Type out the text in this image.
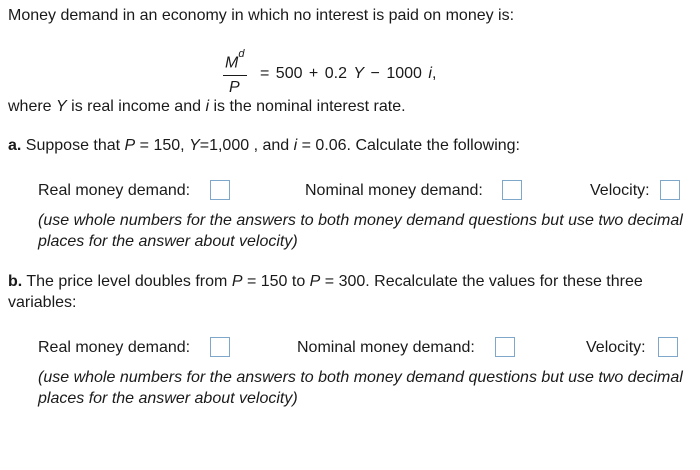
Money demand in an economy in which no interest is paid on money is:
$M^d$
P
= 500 + 0.2 Y − 1000 i,
where Y is real income and i is the nominal interest rate.
a. Suppose that P = 150, Y=1,000 , and i = 0.06. Calculate the following:
Real money demand:	Nominal money demand:	Velocity:
(use whole numbers for the answers to both money demand questions but use two decimal places for the answer about velocity)
b. The price level doubles from P = 150 to P = 300. Recalculate the values for these three variables:
Real money demand:	Nominal money demand:	Velocity:
(use whole numbers for the answers to both money demand questions but use two decimal places for the answer about velocity)
